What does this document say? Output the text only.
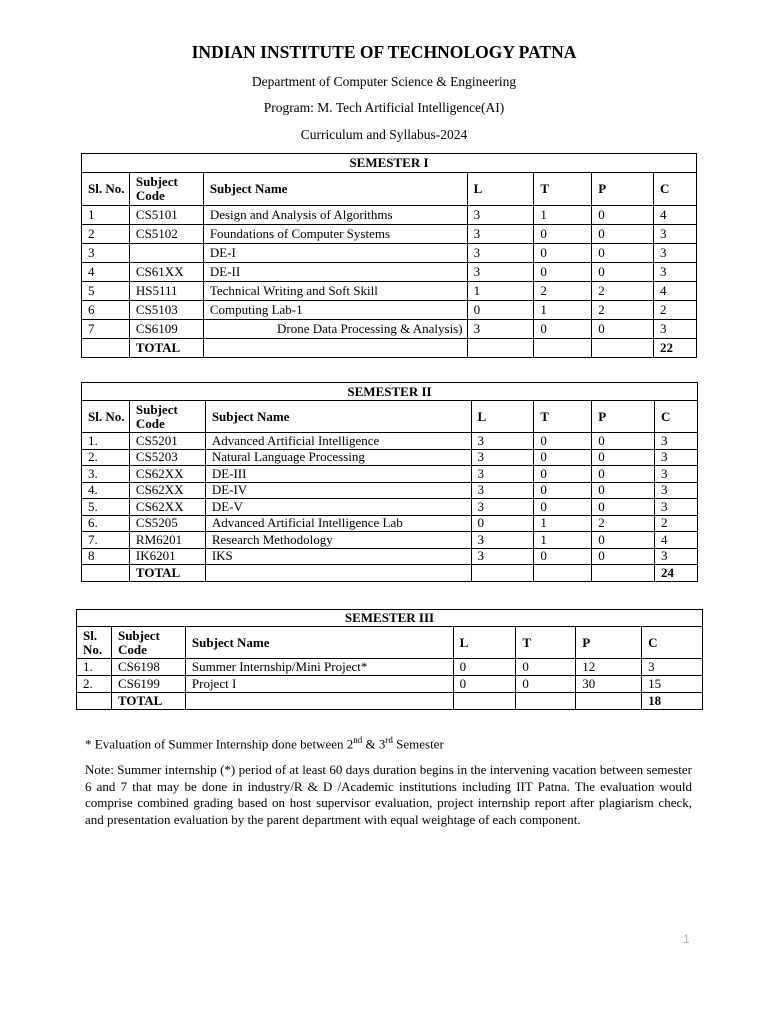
INDIAN INSTITUTE OF TECHNOLOGY PATNA
Department of Computer Science & Engineering
Program: M. Tech Artificial Intelligence(AI)
Curriculum and Syllabus-2024
SEMESTER I						
Sl. No.	Subject Code	Subject Name	L	T	P	C
1	CS5101	Design and Analysis of Algorithms	3	1	0	4
2	CS5102	Foundations of Computer Systems	3	0	0	3
3		DE-I	3	0	0	3
4	CS61XX	DE-II	3	0	0	3
5	HS5111	Technical Writing and Soft Skill	1	2	2	4
6	CS5103	Computing Lab-1	0	1	2	2
7	CS6109	Drone Data Processing & Analysis)	3	0	0	3
	TOTAL					22
SEMESTER II						
Sl. No.	Subject Code	Subject Name	L	T	P	C
1.	CS5201	Advanced Artificial Intelligence	3	0	0	3
2.	CS5203	Natural Language Processing	3	0	0	3
3.	CS62XX	DE-III	3	0	0	3
4.	CS62XX	DE-IV	3	0	0	3
5.	CS62XX	DE-V	3	0	0	3
6.	CS5205	Advanced Artificial Intelligence Lab	0	1	2	2
7.	RM6201	Research Methodology	3	1	0	4
8	IK6201	IKS	3	0	0	3
	TOTAL					24
SEMESTER III						
Sl. No.	Subject Code	Subject Name	L	T	P	C
1.	CS6198	Summer Internship/Mini Project*	0	0	12	3
2.	CS6199	Project I	0	0	30	15
	TOTAL					18
* Evaluation of Summer Internship done between 2nd & 3rd Semester
Note: Summer internship (*) period of at least 60 days duration begins in the intervening vacation between semester 6 and 7 that may be done in industry/R & D /Academic institutions including IIT Patna. The evaluation would comprise combined grading based on host supervisor evaluation, project internship report after plagiarism check, and presentation evaluation by the parent department with equal weightage of each component.
1
